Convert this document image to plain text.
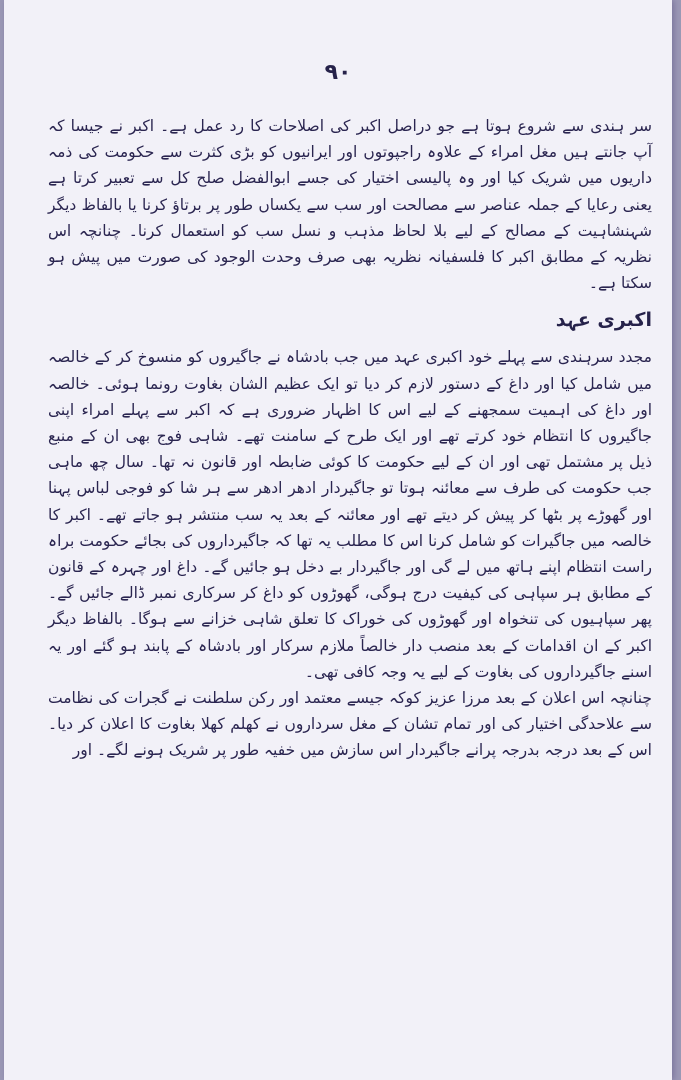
۹۰

سر ہندی سے شروع ہوتا ہے جو دراصل اکبر کی اصلاحات کا رد عمل ہے۔ اکبر نے جیسا کہ آپ جانتے ہیں مغل امراء کے علاوہ راجپوتوں اور ایرانیوں کو بڑی کثرت سے حکومت کی ذمہ داریوں میں شریک کیا اور وہ پالیسی اختیار کی جسے ابوالفضل صلح کل سے تعبیر کرتا ہے یعنی رعایا کے جملہ عناصر سے مصالحت اور سب سے یکساں طور پر برتاؤ کرنا یا بالفاظ دیگر شہنشاہیت کے مصالح کے لیے بلا لحاظ مذہب و نسل سب کو استعمال کرنا۔ چنانچہ اس نظریہ کے مطابق اکبر کا فلسفیانہ نظریہ بھی صرف وحدت الوجود کی صورت میں پیش ہو سکتا ہے۔

اکبری عہد

مجدد سرہندی سے پہلے خود اکبری عہد میں جب بادشاہ نے جاگیروں کو منسوخ کر کے خالصہ میں شامل کیا اور داغ کے دستور لازم کر دیا تو ایک عظیم الشان بغاوت رونما ہوئی۔ خالصہ اور داغ کی اہمیت سمجھنے کے لیے اس کا اظہار ضروری ہے کہ اکبر سے پہلے امراء اپنی جاگیروں کا انتظام خود کرتے تھے اور ایک طرح کے سامنت تھے۔ شاہی فوج بھی ان کے منبع ذیل پر مشتمل تھی اور ان کے لیے حکومت کا کوئی ضابطہ اور قانون نہ تھا۔ سال چھ ماہی جب حکومت کی طرف سے معائنہ ہوتا تو جاگیردار ادھر ادھر سے ہر شا کو فوجی لباس پہنا اور گھوڑے پر بٹھا کر پیش کر دیتے تھے اور معائنہ کے بعد یہ سب منتشر ہو جاتے تھے۔ اکبر کا خالصہ میں جاگیرات کو شامل کرنا اس کا مطلب یہ تھا کہ جاگیرداروں کی بجائے حکومت براہ راست انتظام اپنے ہاتھ میں لے گی اور جاگیردار بے دخل ہو جائیں گے۔ داغ اور چہرہ کے قانون کے مطابق ہر سپاہی کی کیفیت درج ہوگی، گھوڑوں کو داغ کر سرکاری نمبر ڈالے جائیں گے۔ پھر سپاہیوں کی تنخواہ اور گھوڑوں کی خوراک کا تعلق شاہی خزانے سے ہوگا۔ بالفاظ دیگر اکبر کے ان اقدامات کے بعد منصب دار خالصاً ملازم سرکار اور بادشاہ کے پابند ہو گئے اور یہ اسنے جاگیرداروں کی بغاوت کے لیے یہ وجہ کافی تھی۔

چنانچہ اس اعلان کے بعد مرزا عزیز کوکہ جیسے معتمد اور رکن سلطنت نے گجرات کی نظامت سے علاحدگی اختیار کی اور تمام تشان کے مغل سرداروں نے کھلم کھلا بغاوت کا اعلان کر دیا۔ اس کے بعد درجہ بدرجہ پرانے جاگیردار اس سازش میں خفیہ طور پر شریک ہونے لگے۔ اور
